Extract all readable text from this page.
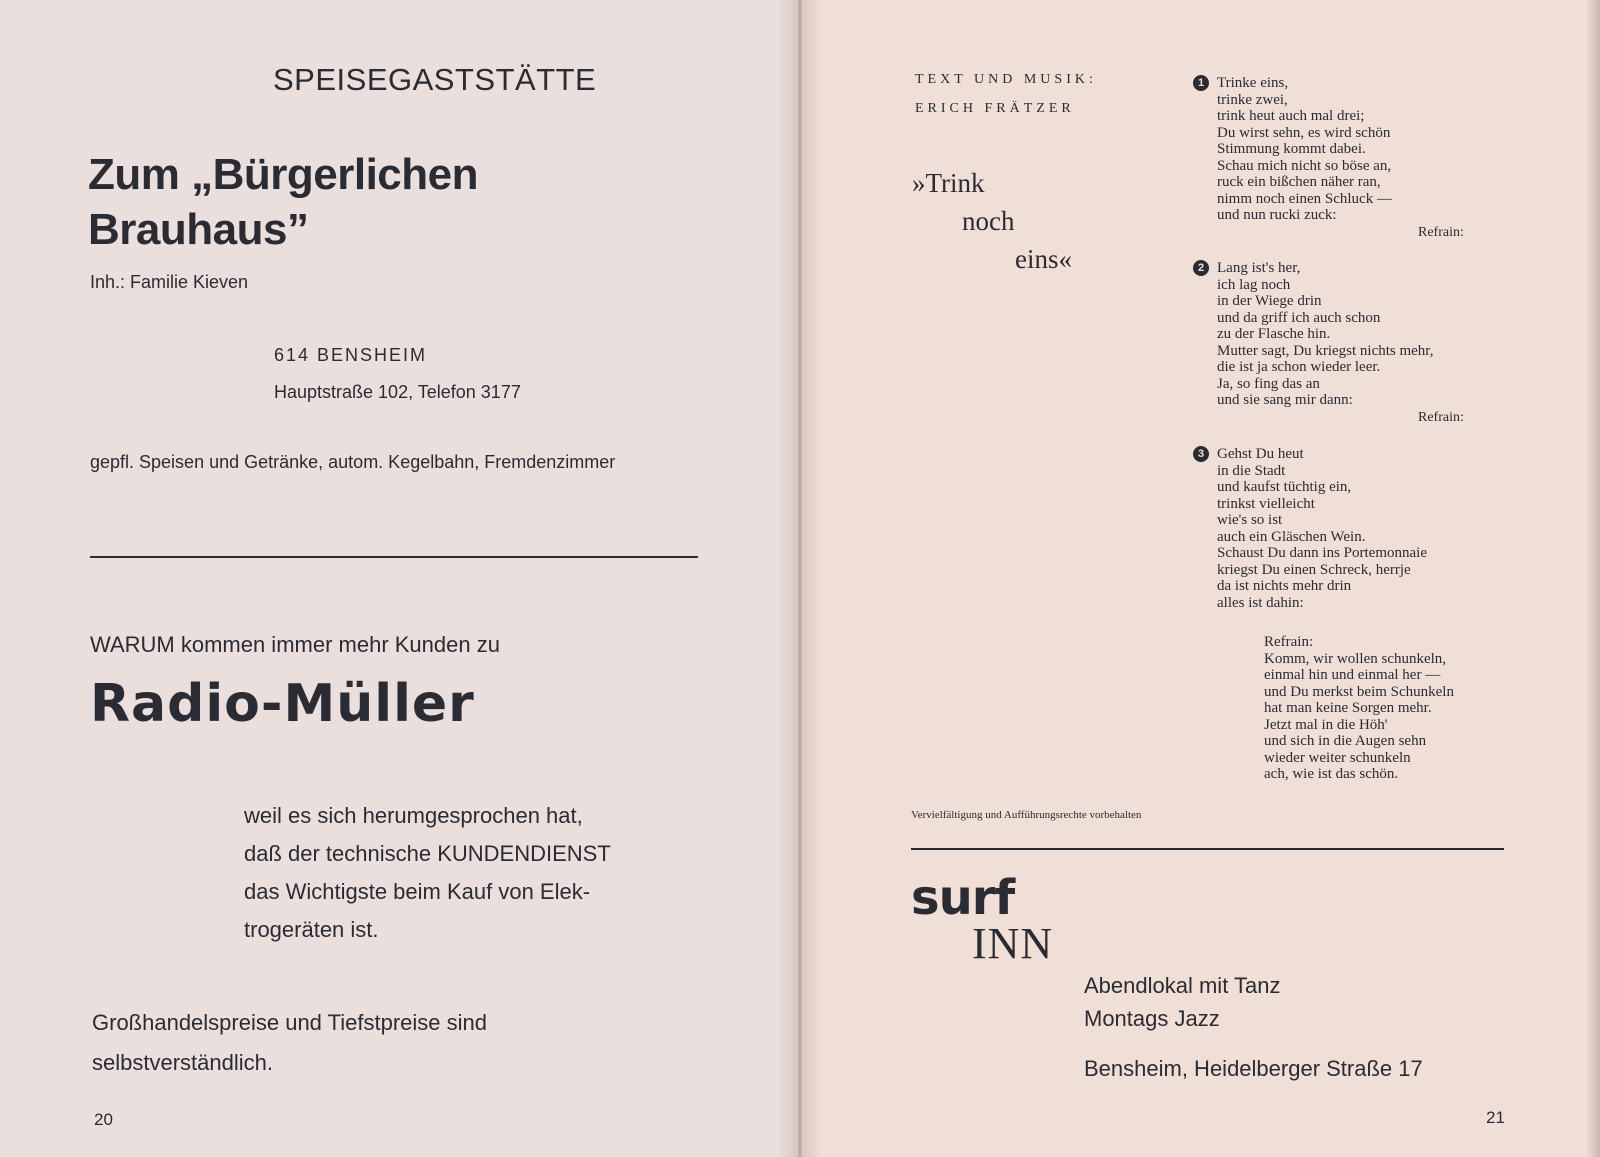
SPEISEGASTSTÄTTE
Zum „Bürgerlichen
Brauhaus”
Inh.: Familie Kieven
614 BENSHEIM
Hauptstraße 102, Telefon 3177
gepfl. Speisen und Getränke, autom. Kegelbahn, Fremdenzimmer
WARUM kommen immer mehr Kunden zu
Radio-Müller
weil es sich herumgesprochen hat,
daß der technische KUNDENDIENST
das Wichtigste beim Kauf von Elek-
trogeräten ist.
Großhandelspreise und Tiefstpreise sind
selbstverständlich.
20
TEXT UND MUSIK:
ERICH FRÄTZER
»Trink
noch
eins«
1 Trinke eins,
trinke zwei,
trink heut auch mal drei;
Du wirst sehn, es wird schön
Stimmung kommt dabei.
Schau mich nicht so böse an,
ruck ein bißchen näher ran,
nimm noch einen Schluck —
und nun rucki zuck:
Refrain:
2 Lang ist's her,
ich lag noch
in der Wiege drin
und da griff ich auch schon
zu der Flasche hin.
Mutter sagt, Du kriegst nichts mehr,
die ist ja schon wieder leer.
Ja, so fing das an
und sie sang mir dann:
Refrain:
3 Gehst Du heut
in die Stadt
und kaufst tüchtig ein,
trinkst vielleicht
wie's so ist
auch ein Gläschen Wein.
Schaust Du dann ins Portemonnaie
kriegst Du einen Schreck, herrje
da ist nichts mehr drin
alles ist dahin:
Refrain:
Komm, wir wollen schunkeln,
einmal hin und einmal her —
und Du merkst beim Schunkeln
hat man keine Sorgen mehr.
Jetzt mal in die Höh'
und sich in die Augen sehn
wieder weiter schunkeln
ach, wie ist das schön.
Vervielfältigung und Aufführungsrechte vorbehalten
surf
INN
Abendlokal mit Tanz
Montags Jazz
Bensheim, Heidelberger Straße 17
21
